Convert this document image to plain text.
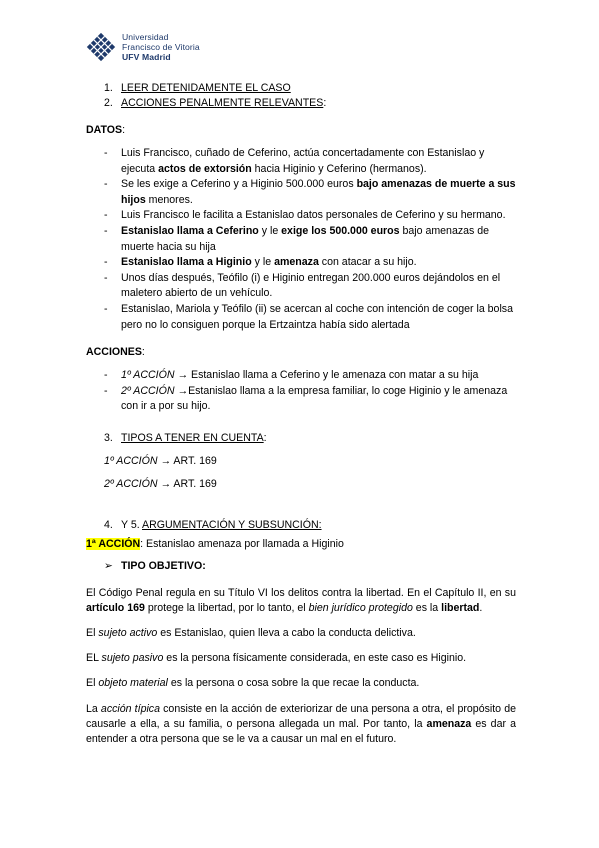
Universidad
Francisco de Vitoria
UFV Madrid
1. LEER DETENIDAMENTE EL CASO
2. ACCIONES PENALMENTE RELEVANTES:
DATOS:
- Luis Francisco, cuñado de Ceferino, actúa concertadamente con Estanislao y ejecuta actos de extorsión hacia Higinio y Ceferino (hermanos).
- Se les exige a Ceferino y a Higinio 500.000 euros bajo amenazas de muerte a sus hijos menores.
- Luis Francisco le facilita a Estanislao datos personales de Ceferino y su hermano.
- Estanislao llama a Ceferino y le exige los 500.000 euros bajo amenazas de muerte hacia su hija
- Estanislao llama a Higinio y le amenaza con atacar a su hijo.
- Unos días después, Teófilo (i) e Higinio entregan 200.000 euros dejándolos en el maletero abierto de un vehículo.
- Estanislao, Mariola y Teófilo (ii) se acercan al coche con intención de coger la bolsa pero no lo consiguen porque la Ertzaintza había sido alertada
ACCIONES:
- 1º ACCIÓN → Estanislao llama a Ceferino y le amenaza con matar a su hija
- 2º ACCIÓN →Estanislao llama a la empresa familiar, lo coge Higinio y le amenaza con ir a por su hijo.
3. TIPOS A TENER EN CUENTA:
1º ACCIÓN → ART. 169
2º ACCIÓN → ART. 169
4. Y 5. ARGUMENTACIÓN Y SUBSUNCIÓN:
1ª ACCIÓN: Estanislao amenaza por llamada a Higinio
➢ TIPO OBJETIVO:
El Código Penal regula en su Título VI los delitos contra la libertad. En el Capítulo II, en su artículo 169 protege la libertad, por lo tanto, el bien jurídico protegido es la libertad.
El sujeto activo es Estanislao, quien lleva a cabo la conducta delictiva.
EL sujeto pasivo es la persona físicamente considerada, en este caso es Higinio.
El objeto material es la persona o cosa sobre la que recae la conducta.
La acción típica consiste en la acción de exteriorizar de una persona a otra, el propósito de causarle a ella, a su familia, o persona allegada un mal. Por tanto, la amenaza es dar a entender a otra persona que se le va a causar un mal en el futuro.
